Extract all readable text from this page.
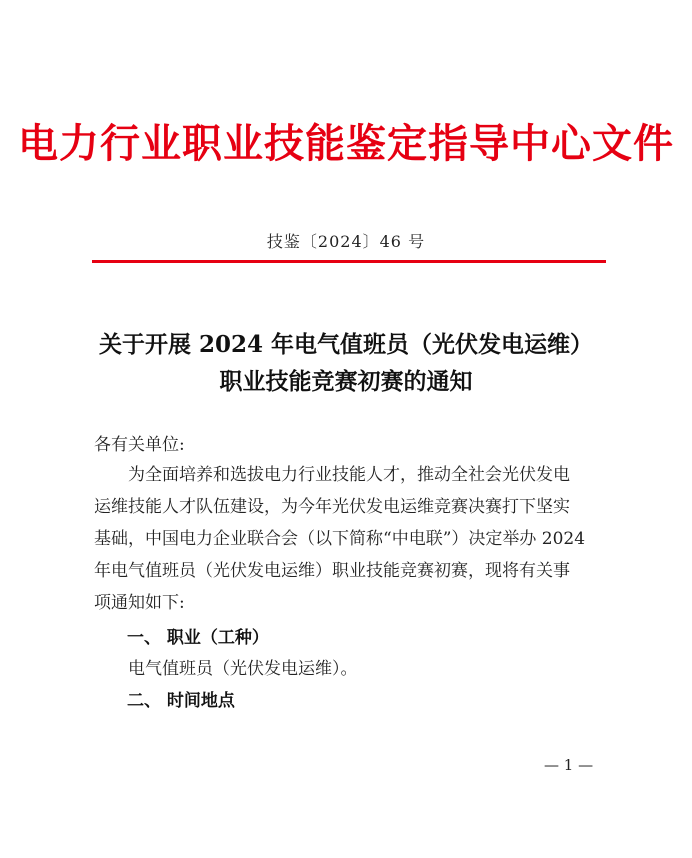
电力行业职业技能鉴定指导中心文件
技鉴〔2024〕46 号
关于开展 2024 年电气值班员（光伏发电运维）
职业技能竞赛初赛的通知
各有关单位:
为全面培养和选拔电力行业技能人才，推动全社会光伏发电
运维技能人才队伍建设，为今年光伏发电运维竞赛决赛打下坚实
基础，中国电力企业联合会（以下简称“中电联”）决定举办 2024
年电气值班员（光伏发电运维）职业技能竞赛初赛，现将有关事
项通知如下:
一、 职业（工种）
电气值班员（光伏发电运维）。
二、 时间地点
— 1 —
